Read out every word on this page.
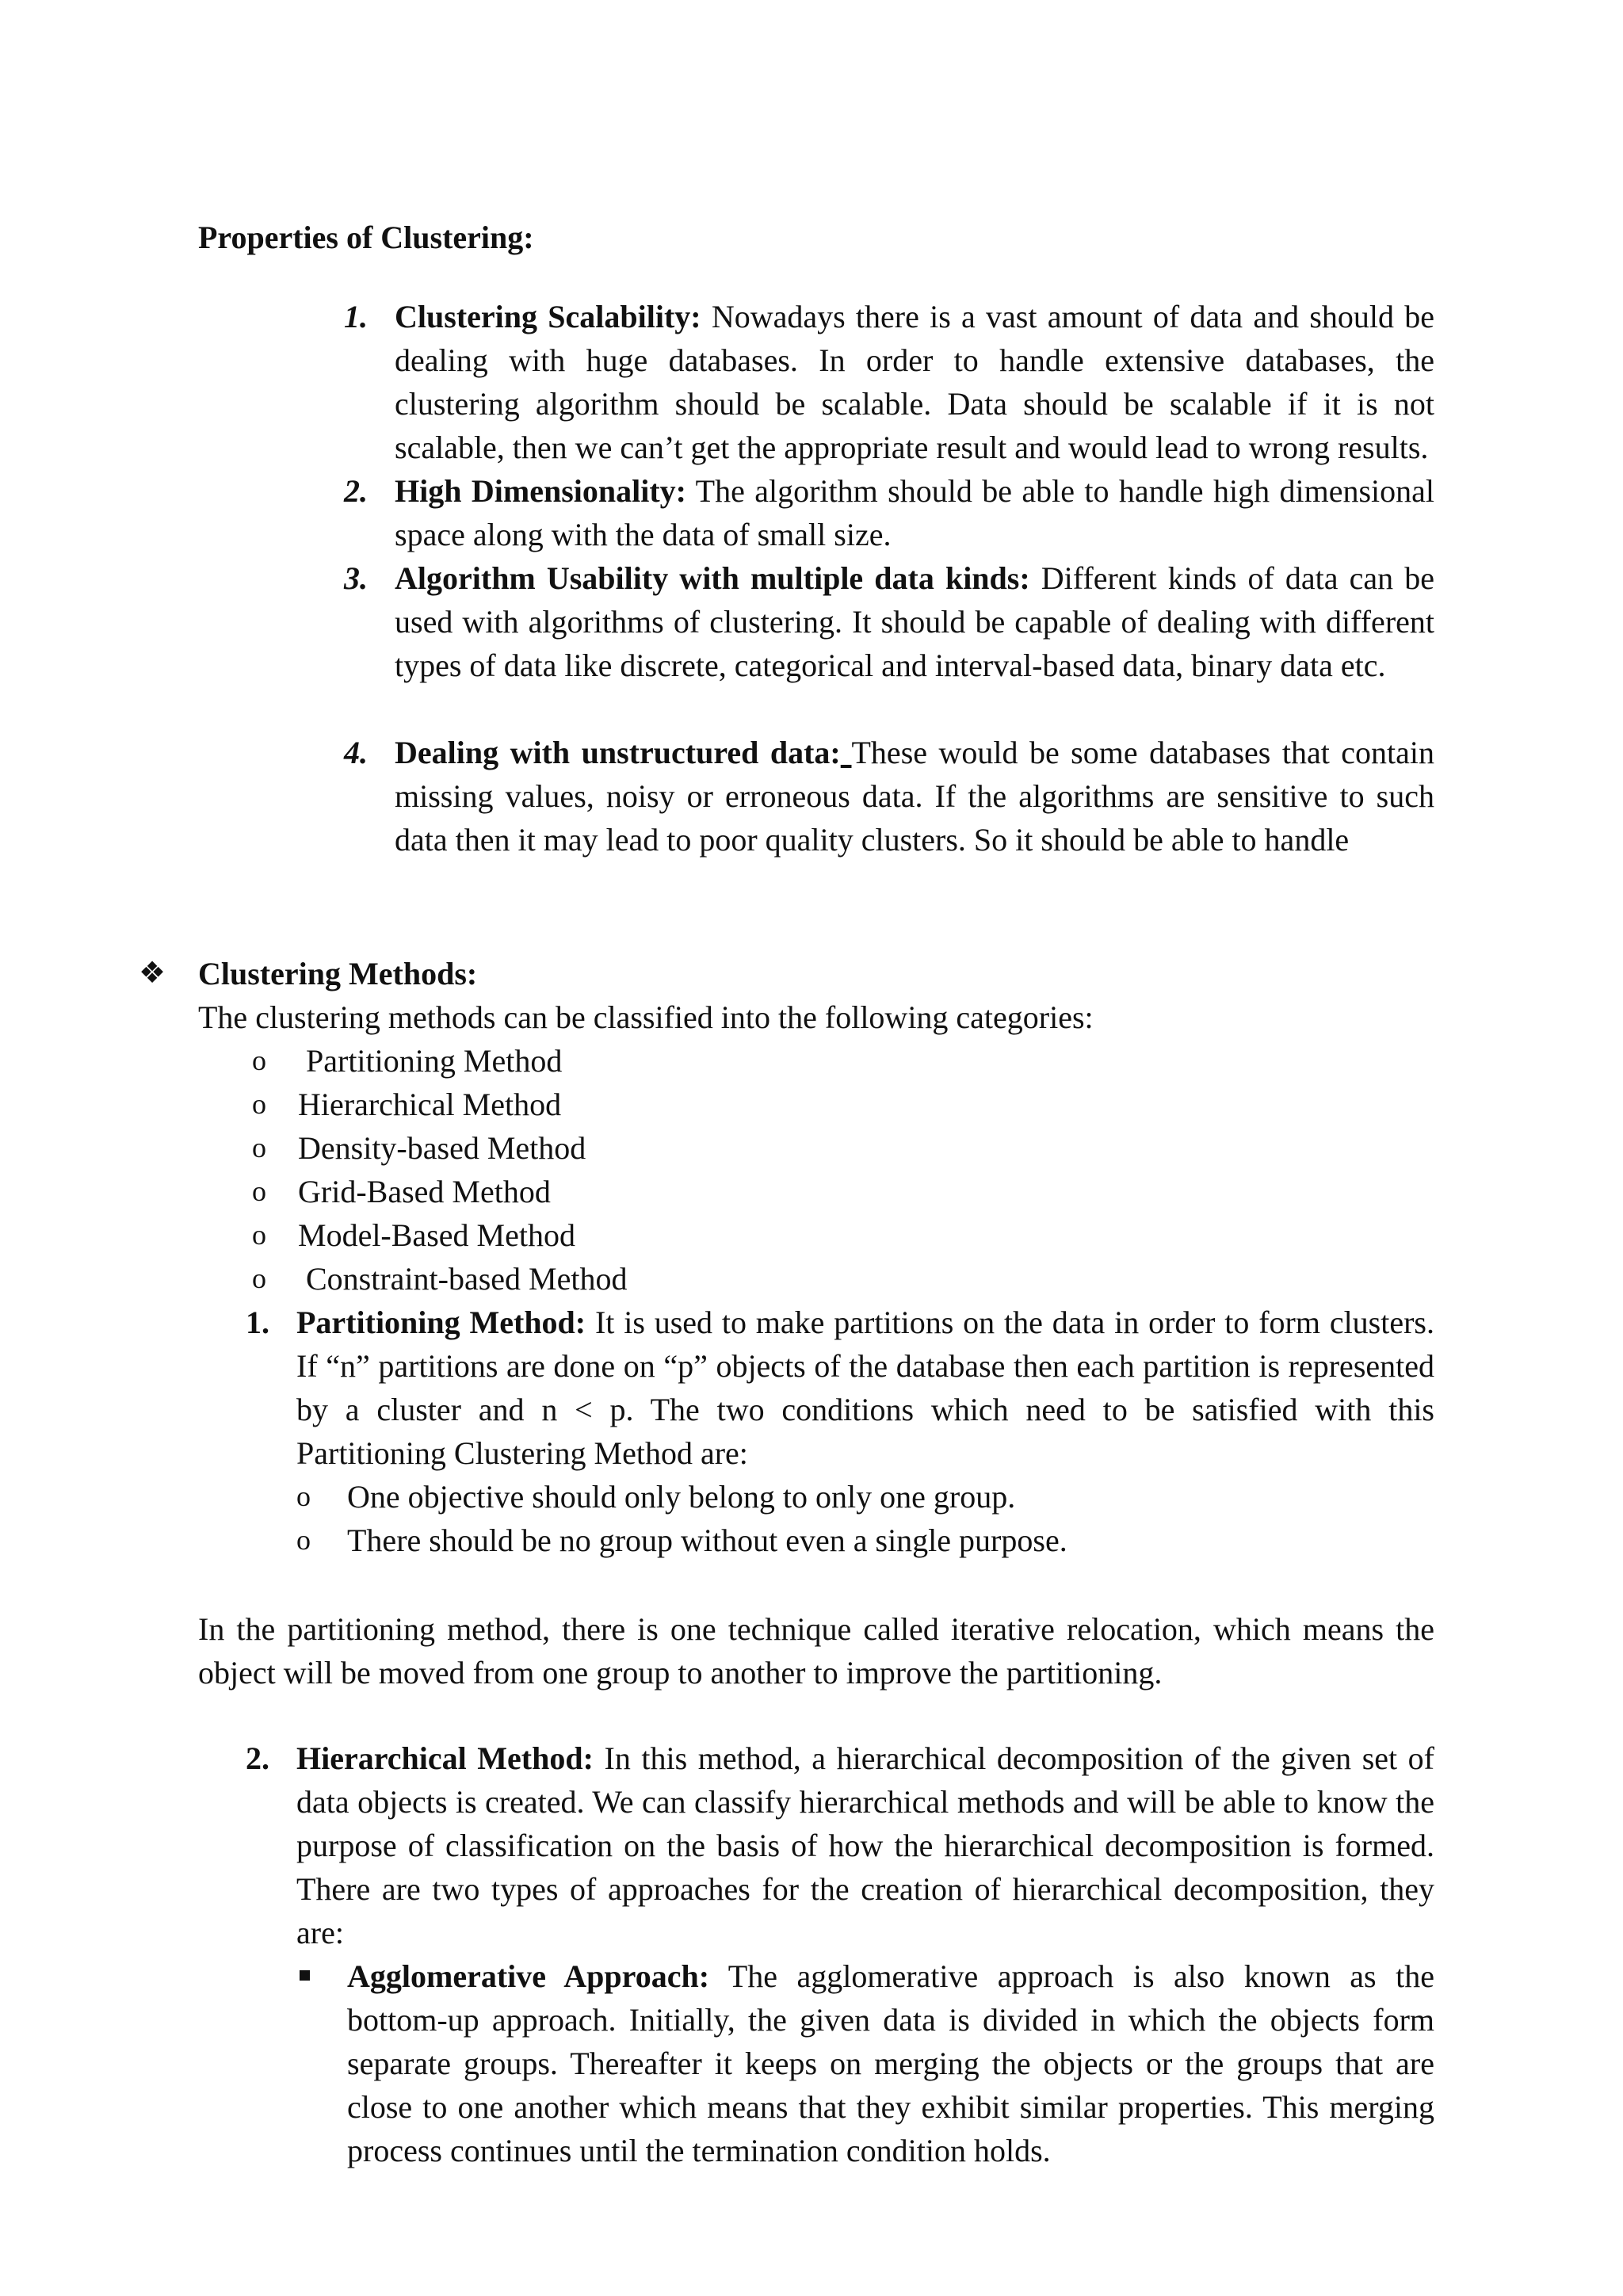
Properties of Clustering:

1. Clustering Scalability: Nowadays there is a vast amount of data and should be dealing with huge databases. In order to handle extensive databases, the clustering algorithm should be scalable. Data should be scalable if it is not scalable, then we can’t get the appropriate result and would lead to wrong results.

2. High Dimensionality: The algorithm should be able to handle high dimensional space along with the data of small size.

3. Algorithm Usability with multiple data kinds: Different kinds of data can be used with algorithms of clustering. It should be capable of dealing with different types of data like discrete, categorical and interval-based data, binary data etc.

4. Dealing with unstructured data: These would be some databases that contain missing values, noisy or erroneous data. If the algorithms are sensitive to such data then it may lead to poor quality clusters. So it should be able to handle

❖	Clustering Methods:

The clustering methods can be classified into the following categories:

o Partitioning Method
o Hierarchical Method
o Density-based Method
o Grid-Based Method
o Model-Based Method
o Constraint-based Method

1. Partitioning Method: It is used to make partitions on the data in order to form clusters. If “n” partitions are done on “p” objects of the database then each partition is represented by a cluster and n < p. The two conditions which need to be satisfied with this Partitioning Clustering Method are:

o One objective should only belong to only one group.
o There should be no group without even a single purpose.

In the partitioning method, there is one technique called iterative relocation, which means the object will be moved from one group to another to improve the partitioning.

2. Hierarchical Method: In this method, a hierarchical decomposition of the given set of data objects is created. We can classify hierarchical methods and will be able to know the purpose of classification on the basis of how the hierarchical decomposition is formed. There are two types of approaches for the creation of hierarchical decomposition, they are:

Agglomerative Approach: The agglomerative approach is also known as the bottom-up approach. Initially, the given data is divided in which the objects form separate groups. Thereafter it keeps on merging the objects or the groups that are close to one another which means that they exhibit similar properties. This merging process continues until the termination condition holds.
